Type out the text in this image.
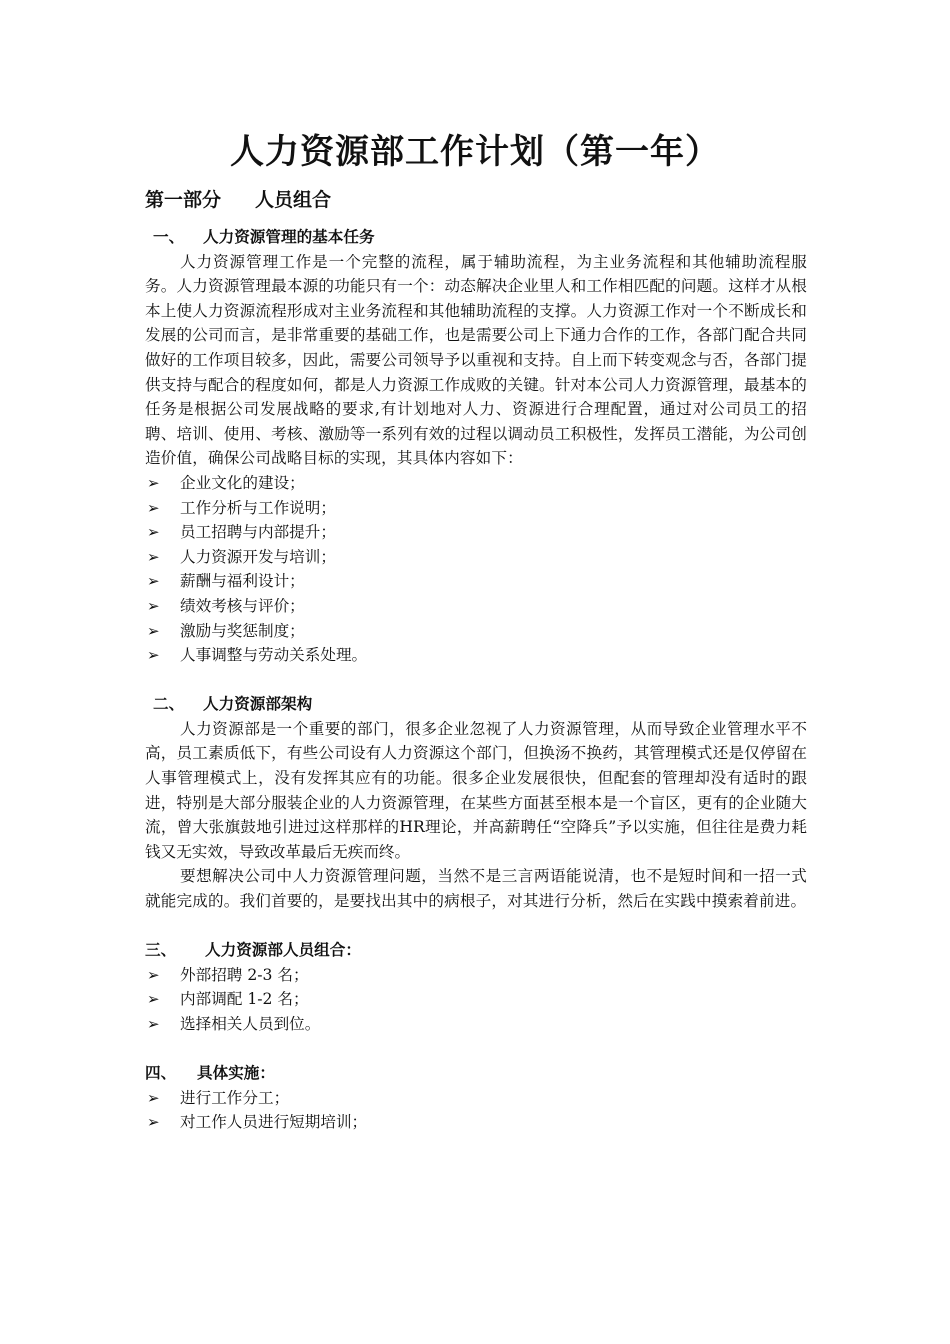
人力资源部工作计划（第一年）
第一部分 人员组合
一、 人力资源管理的基本任务

人力资源管理工作是一个完整的流程，属于辅助流程，为主业务流程和其他辅助流程服务。人力资源管理最本源的功能只有一个：动态解决企业里人和工作相匹配的问题。这样才从根本上使人力资源流程形成对主业务流程和其他辅助流程的支撑。人力资源工作对一个不断成长和发展的公司而言，是非常重要的基础工作，也是需要公司上下通力合作的工作，各部门配合共同做好的工作项目较多，因此，需要公司领导予以重视和支持。自上而下转变观念与否，各部门提供支持与配合的程度如何，都是人力资源工作成败的关键。针对本公司人力资源管理，最基本的任务是根据公司发展战略的要求,有计划地对人力、资源进行合理配置，通过对公司员工的招聘、培训、使用、考核、激励等一系列有效的过程以调动员工积极性，发挥员工潜能，为公司创造价值，确保公司战略目标的实现，其具体内容如下：

➢ 企业文化的建设；
➢ 工作分析与工作说明；
➢ 员工招聘与内部提升；
➢ 人力资源开发与培训；
➢ 薪酬与福利设计；
➢ 绩效考核与评价；
➢ 激励与奖惩制度；
➢ 人事调整与劳动关系处理。
二、 人力资源部架构

人力资源部是一个重要的部门，很多企业忽视了人力资源管理，从而导致企业管理水平不高，员工素质低下，有些公司设有人力资源这个部门，但换汤不换药，其管理模式还是仅停留在人事管理模式上，没有发挥其应有的功能。很多企业发展很快，但配套的管理却没有适时的跟进，特别是大部分服装企业的人力资源管理，在某些方面甚至根本是一个盲区，更有的企业随大流，曾大张旗鼓地引进过这样那样的HR理论，并高薪聘任“空降兵”予以实施，但往往是费力耗钱又无实效，导致改革最后无疾而终。

要想解决公司中人力资源管理问题，当然不是三言两语能说清，也不是短时间和一招一式就能完成的。我们首要的，是要找出其中的病根子，对其进行分析，然后在实践中摸索着前进。

三、 人力资源部人员组合：
➢ 外部招聘 2-3 名；
➢ 内部调配 1-2 名；
➢ 选择相关人员到位。
四、 具体实施：
➢ 进行工作分工；
➢ 对工作人员进行短期培训；
